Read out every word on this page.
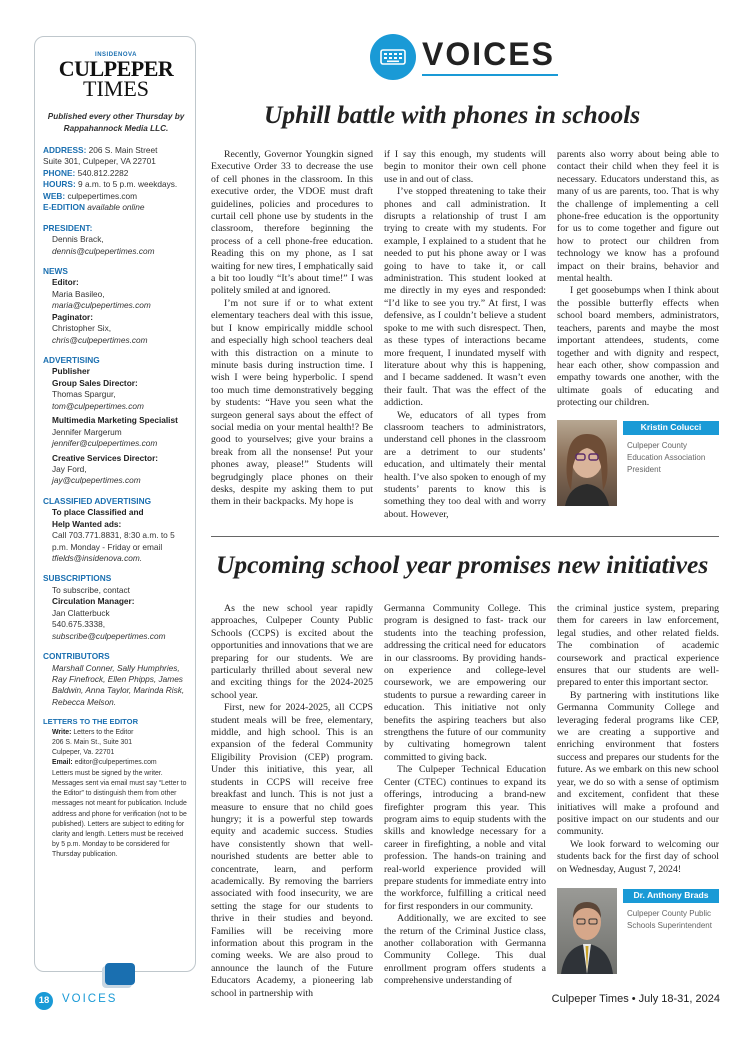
INSIDENOVA
CULPEPER
TIMES
Published every other Thursday by Rappahannock Media LLC.
ADDRESS: 206 S. Main Street
Suite 301, Culpeper, VA 22701
PHONE: 540.812.2282
HOURS: 9 a.m. to 5 p.m. weekdays.
WEB: culpepertimes.com
E-EDITION available online
PRESIDENT:
Dennis Brack,
dennis@culpepertimes.com
NEWS
Editor:
Maria Basileo,
maria@culpepertimes.com
Paginator:
Christopher Six,
chris@culpepertimes.com
ADVERTISING
Publisher
Group Sales Director:
Thomas Spargur,
tom@culpepertimes.com
Multimedia Marketing Specialist
Jennifer Margerum
jennifer@culpepertimes.com
Creative Services Director:
Jay Ford,
jay@culpepertimes.com
CLASSIFIED ADVERTISING
To place Classified and
Help Wanted ads:
Call 703.771.8831, 8:30 a.m. to 5 p.m. Monday - Friday or email
tfields@insidenova.com.
SUBSCRIPTIONS
To subscribe, contact
Circulation Manager:
Jan Clatterbuck
540.675.3338,
subscribe@culpepertimes.com
CONTRIBUTORS
Marshall Conner, Sally Humphries, Ray Finefrock, Ellen Phipps, James Baldwin, Anna Taylor, Marinda Risk, Rebecca Melson.
LETTERS TO THE EDITOR
Write: Letters to the Editor
206 S. Main St., Suite 301
Culpeper, Va. 22701
Email: editor@culpepertimes.com
Letters must be signed by the writer. Messages sent via email must say “Letter to the Editor” to distinguish them from other messages not meant for publication. Include address and phone for verification (not to be published). Letters are subject to editing for clarity and length. Letters must be received by 5 p.m. Monday to be considered for Thursday publication.
VOICES
Uphill battle with phones in schools

Recently, Governor Youngkin signed Executive Order 33 to decrease the use of cell phones in the classroom. In this executive order, the VDOE must draft guidelines, policies and procedures to curtail cell phone use by students in the classroom, therefore beginning the process of a cell phone-free education. Reading this on my phone, as I sat waiting for new tires, I emphatically said a bit too loudly “It’s about time!” I was politely smiled at and ignored.

I’m not sure if or to what extent elementary teachers deal with this issue, but I know empirically middle school and especially high school teachers deal with this distraction on a minute to minute basis during instruction time. I wish I were being hyperbolic. I spend too much time demonstratively begging by students: “Have you seen what the surgeon general says about the effect of social media on your mental health!? Be good to yourselves; give your brains a break from all the nonsense! Put your phones away, please!” Students will begrudgingly place phones on their desks, despite my asking them to put them in their backpacks. My hope is

if I say this enough, my students will begin to monitor their own cell phone use in and out of class.

I’ve stopped threatening to take their phones and call administration. It disrupts a relationship of trust I am trying to create with my students. For example, I explained to a student that he needed to put his phone away or I was going to have to take it, or call administration. This student looked at me directly in my eyes and responded: “I’d like to see you try.” At first, I was defensive, as I couldn’t believe a student spoke to me with such disrespect. Then, as these types of interactions became more frequent, I inundated myself with literature about why this is happening, and I became saddened. It wasn’t even their fault. That was the effect of the addiction.

We, educators of all types from classroom teachers to administrators, understand cell phones in the classroom are a detriment to our students’ education, and ultimately their mental health. I’ve also spoken to enough of my students’ parents to know this is something they too deal with and worry about. However,

parents also worry about being able to contact their child when they feel it is necessary. Educators understand this, as many of us are parents, too. That is why the challenge of implementing a cell phone-free education is the opportunity for us to come together and figure out how to protect our children from technology we know has a profound impact on their brains, behavior and mental health.

I get goosebumps when I think about the possible butterfly effects when school board members, administrators, teachers, parents and maybe the most important attendees, students, come together and with dignity and respect, hear each other, show compassion and empathy towards one another, with the ultimate goals of educating and protecting our children.

Kristin Colucci
Culpeper County Education Association President
Upcoming school year promises new initiatives

As the new school year rapidly approaches, Culpeper County Public Schools (CCPS) is excited about the opportunities and innovations that we are preparing for our students. We are particularly thrilled about several new and exciting things for the 2024-2025 school year.

First, new for 2024-2025, all CCPS student meals will be free, elementary, middle, and high school. This is an expansion of the federal Community Eligibility Provision (CEP) program. Under this initiative, this year, all students in CCPS will receive free breakfast and lunch. This is not just a measure to ensure that no child goes hungry; it is a powerful step towards equity and academic success. Studies have consistently shown that well-nourished students are better able to concentrate, learn, and perform academically. By removing the barriers associated with food insecurity, we are setting the stage for our students to thrive in their studies and beyond. Families will be receiving more information about this program in the coming weeks. We are also proud to announce the launch of the Future Educators Academy, a pioneering lab school in partnership with

Germanna Community College. This program is designed to fast- track our students into the teaching profession, addressing the critical need for educators in our classrooms. By providing hands-on experience and college-level coursework, we are empowering our students to pursue a rewarding career in education. This initiative not only benefits the aspiring teachers but also strengthens the future of our community by cultivating homegrown talent committed to giving back.

The Culpeper Technical Education Center (CTEC) continues to expand its offerings, introducing a brand-new firefighter program this year. This program aims to equip students with the skills and knowledge necessary for a career in firefighting, a noble and vital profession. The hands-on training and real-world experience provided will prepare students for immediate entry into the workforce, fulfilling a critical need for first responders in our community.

Additionally, we are excited to see the return of the Criminal Justice class, another collaboration with Germanna Community College. This dual enrollment program offers students a comprehensive understanding of

the criminal justice system, preparing them for careers in law enforcement, legal studies, and other related fields. The combination of academic coursework and practical experience ensures that our students are well-prepared to enter this important sector.

By partnering with institutions like Germanna Community College and leveraging federal programs like CEP, we are creating a supportive and enriching environment that fosters success and prepares our students for the future. As we embark on this new school year, we do so with a sense of optimism and excitement, confident that these initiatives will make a profound and positive impact on our students and our community.

We look forward to welcoming our students back for the first day of school on Wednesday, August 7, 2024!

Dr. Anthony Brads
Culpeper County Public Schools Superintendent
18	VOICES	Culpeper Times • July 18-31, 2024
